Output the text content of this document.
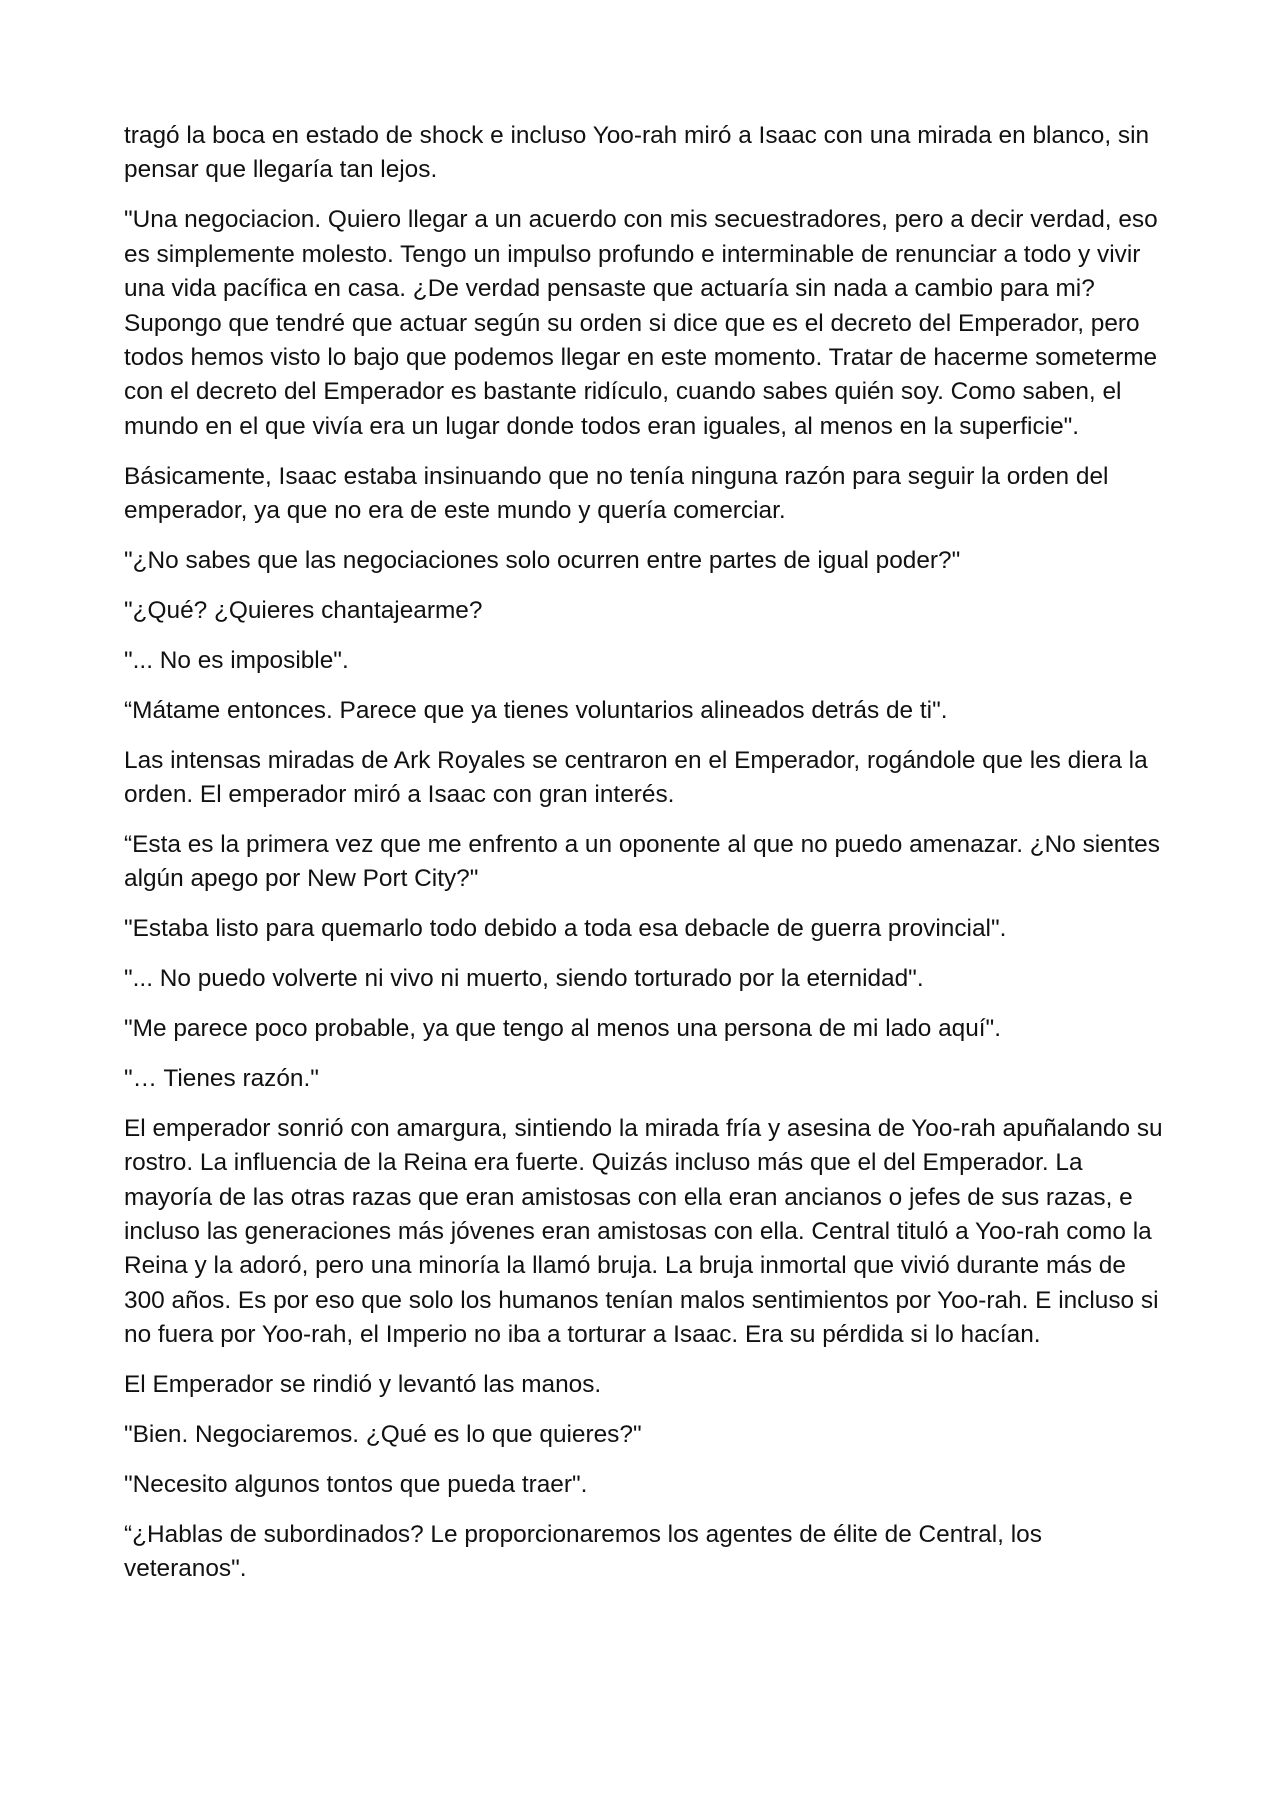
tragó la boca en estado de shock e incluso Yoo-rah miró a Isaac con una mirada en blanco, sin pensar que llegaría tan lejos.

"Una negociacion. Quiero llegar a un acuerdo con mis secuestradores, pero a decir verdad, eso es simplemente molesto. Tengo un impulso profundo e interminable de renunciar a todo y vivir una vida pacífica en casa. ¿De verdad pensaste que actuaría sin nada a cambio para mi? Supongo que tendré que actuar según su orden si dice que es el decreto del Emperador, pero todos hemos visto lo bajo que podemos llegar en este momento. Tratar de hacerme someterme con el decreto del Emperador es bastante ridículo, cuando sabes quién soy. Como saben, el mundo en el que vivía era un lugar donde todos eran iguales, al menos en la superficie".

Básicamente, Isaac estaba insinuando que no tenía ninguna razón para seguir la orden del emperador, ya que no era de este mundo y quería comerciar.

"¿No sabes que las negociaciones solo ocurren entre partes de igual poder?"

"¿Qué? ¿Quieres chantajearme?

"... No es imposible".

“Mátame entonces. Parece que ya tienes voluntarios alineados detrás de ti".

Las intensas miradas de Ark Royales se centraron en el Emperador, rogándole que les diera la orden. El emperador miró a Isaac con gran interés.

“Esta es la primera vez que me enfrento a un oponente al que no puedo amenazar. ¿No sientes algún apego por New Port City?"

"Estaba listo para quemarlo todo debido a toda esa debacle de guerra provincial".

"... No puedo volverte ni vivo ni muerto, siendo torturado por la eternidad".

"Me parece poco probable, ya que tengo al menos una persona de mi lado aquí".

"… Tienes razón."

El emperador sonrió con amargura, sintiendo la mirada fría y asesina de Yoo-rah apuñalando su rostro. La influencia de la Reina era fuerte. Quizás incluso más que el del Emperador. La mayoría de las otras razas que eran amistosas con ella eran ancianos o jefes de sus razas, e incluso las generaciones más jóvenes eran amistosas con ella. Central tituló a Yoo-rah como la Reina y la adoró, pero una minoría la llamó bruja. La bruja inmortal que vivió durante más de 300 años. Es por eso que solo los humanos tenían malos sentimientos por Yoo-rah. E incluso si no fuera por Yoo-rah, el Imperio no iba a torturar a Isaac. Era su pérdida si lo hacían.

El Emperador se rindió y levantó las manos.

"Bien. Negociaremos. ¿Qué es lo que quieres?"

"Necesito algunos tontos que pueda traer".

“¿Hablas de subordinados? Le proporcionaremos los agentes de élite de Central, los veteranos".
